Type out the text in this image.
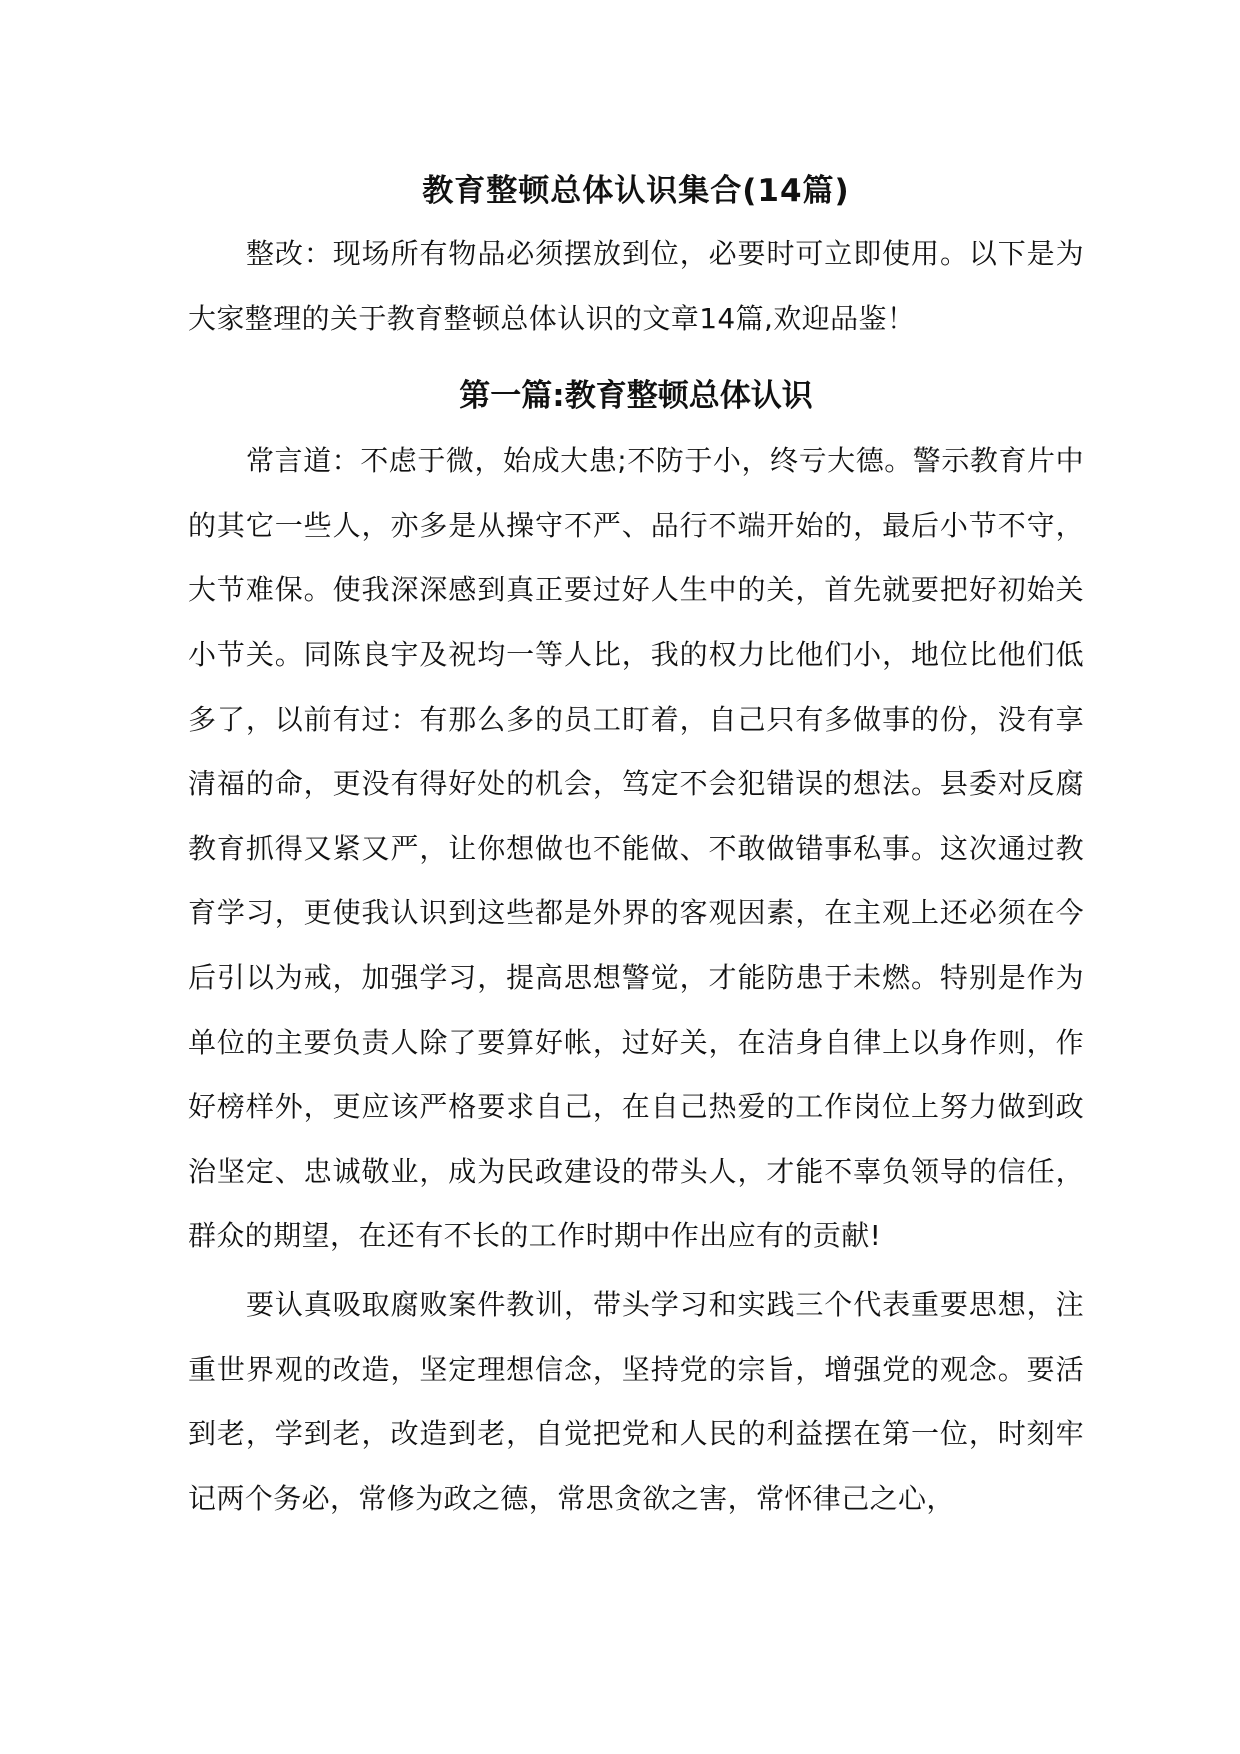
教育整顿总体认识集合(14篇)

整改：现场所有物品必须摆放到位，必要时可立即使用。以下是为大家整理的关于教育整顿总体认识的文章14篇,欢迎品鉴！

第一篇:教育整顿总体认识

常言道：不虑于微，始成大患;不防于小，终亏大德。警示教育片中的其它一些人，亦多是从操守不严、品行不端开始的，最后小节不守，大节难保。使我深深感到真正要过好人生中的关，首先就要把好初始关小节关。同陈良宇及祝均一等人比，我的权力比他们小，地位比他们低多了，以前有过：有那么多的员工盯着，自己只有多做事的份，没有享清福的命，更没有得好处的机会，笃定不会犯错误的想法。县委对反腐教育抓得又紧又严，让你想做也不能做、不敢做错事私事。这次通过教育学习，更使我认识到这些都是外界的客观因素，在主观上还必须在今后引以为戒，加强学习，提高思想警觉，才能防患于未燃。特别是作为单位的主要负责人除了要算好帐，过好关，在洁身自律上以身作则，作好榜样外，更应该严格要求自己，在自己热爱的工作岗位上努力做到政治坚定、忠诚敬业，成为民政建设的带头人，才能不辜负领导的信任，群众的期望，在还有不长的工作时期中作出应有的贡献!

要认真吸取腐败案件教训，带头学习和实践三个代表重要思想，注重世界观的改造，坚定理想信念，坚持党的宗旨，增强党的观念。要活到老，学到老，改造到老，自觉把党和人民的利益摆在第一位，时刻牢记两个务必，常修为政之德，常思贪欲之害，常怀律己之心，
